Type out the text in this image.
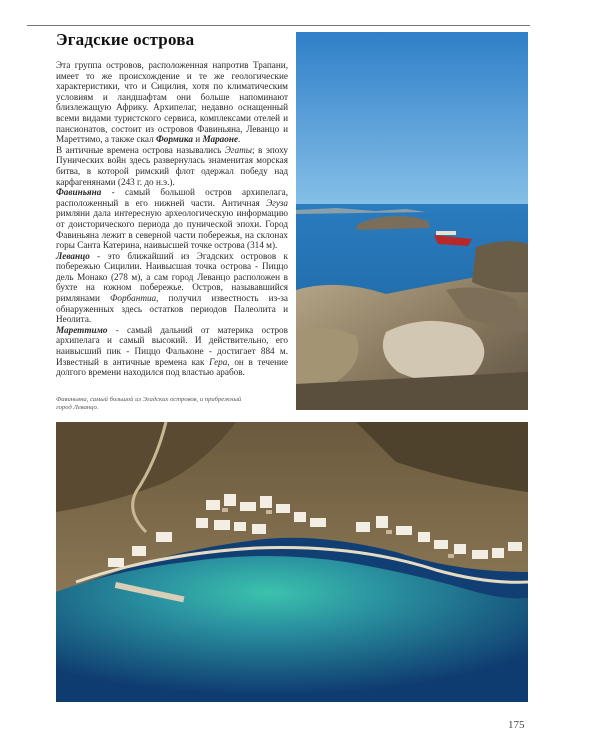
Эгадские острова

Эта группа островов, расположенная напротив Трапани, имеет то же происхождение и те же геологические характеристики, что и Сицилия, хотя по климатическим условиям и ландшафтам они больше напоминают близлежащую Африку. Архипелаг, недавно оснащенный всеми видами туристского сервиса, комплексами отелей и пансионатов, состоит из островов Фавиньяна, Леванцо и Мареттимо, а также скал Формика и Мараоне.

В античные времена острова назывались Эгаты; в эпоху Пунических войн здесь развернулась знаменитая морская битва, в которой римский флот одержал победу над карфагенянами (243 г. до н.э.).

Фавиньяна - самый большой остров архипелага, расположенный в его нижней части. Античная Эгуза римляни дала интересную археологическую информацию от доисторического периода до пунической эпохи. Город Фавиньяна лежит в северной части побережья, на склонах горы Санта Катерина, наивысшей точке острова (314 м).

Леванцо - это ближайший из Эгадских островов к побережью Сицилии. Наивысшая точка острова - Пиццо дель Монако (278 м), а сам город Леванцо расположен в бухте на южном побережье. Остров, называвшийся римлянами Форбантиа, получил известность из-за обнаруженных здесь остатков периодов Палеолита и Неолита.

Мареттимо - самый дальний от материка остров архипелага и самый высокий. И действительно, его наивысший пик - Пиццо Фальконе - достигает 884 м. Известный в античные времена как Гера, он в течение долгого времени находился под властью арабов.

Фавиньяна, самый большой из Эгадских островов, и прибрежный город Леванцо.
175
